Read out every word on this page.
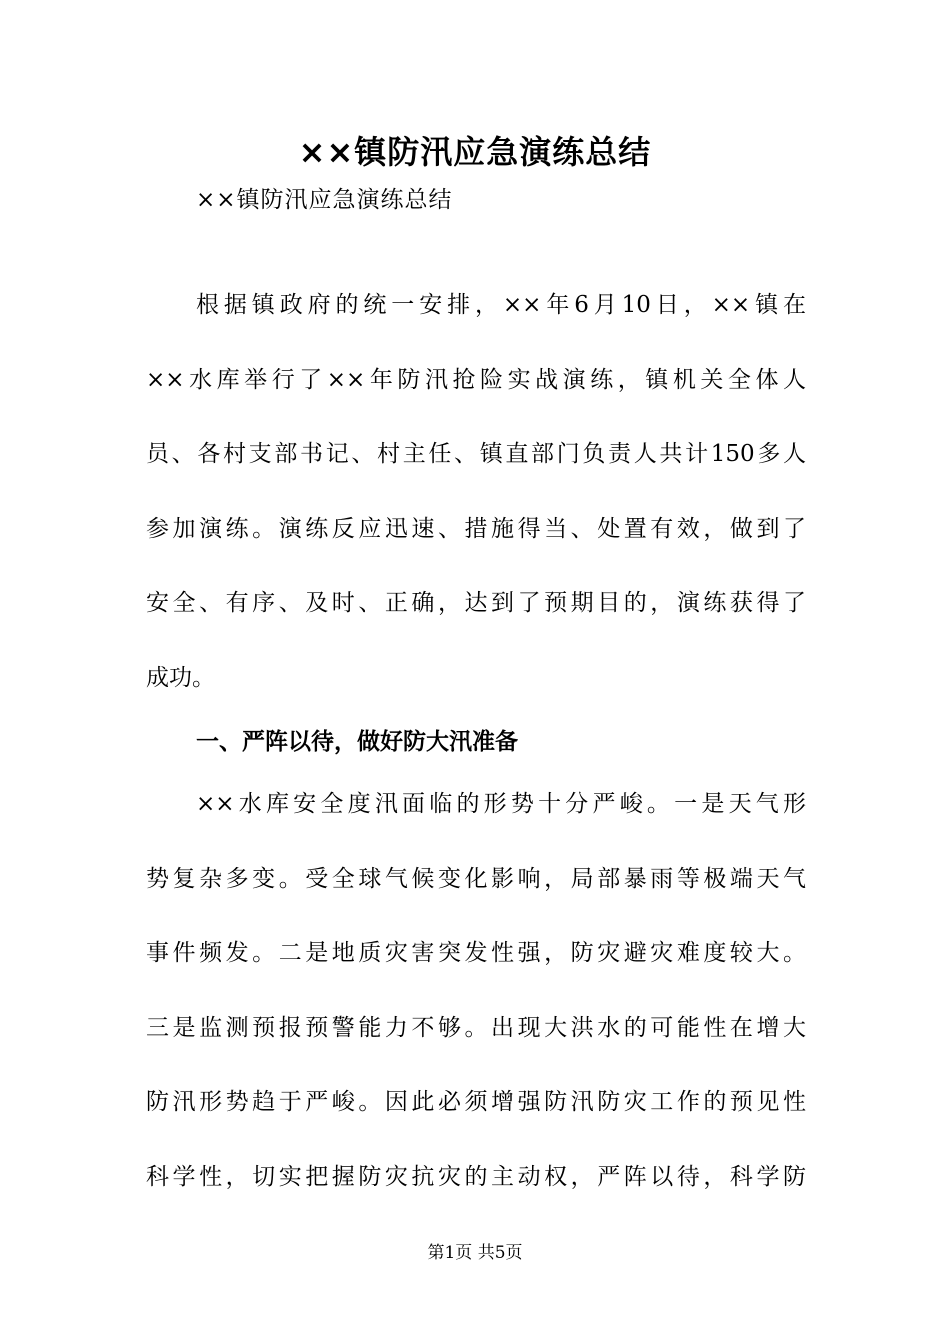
××镇防汛应急演练总结
××镇防汛应急演练总结
根据镇政府的统一安排，××年6月10日，××镇在
××水库举行了××年防汛抢险实战演练，镇机关全体人
员、各村支部书记、村主任、镇直部门负责人共计150多人
参加演练。演练反应迅速、措施得当、处置有效，做到了
安全、有序、及时、正确，达到了预期目的，演练获得了
成功。
一、严阵以待，做好防大汛准备
××水库安全度汛面临的形势十分严峻。一是天气形
势复杂多变。受全球气候变化影响，局部暴雨等极端天气
事件频发。二是地质灾害突发性强，防灾避灾难度较大。
三是监测预报预警能力不够。出现大洪水的可能性在增大
防汛形势趋于严峻。因此必须增强防汛防灾工作的预见性
科学性，切实把握防灾抗灾的主动权，严阵以待，科学防
第1页 共5页
